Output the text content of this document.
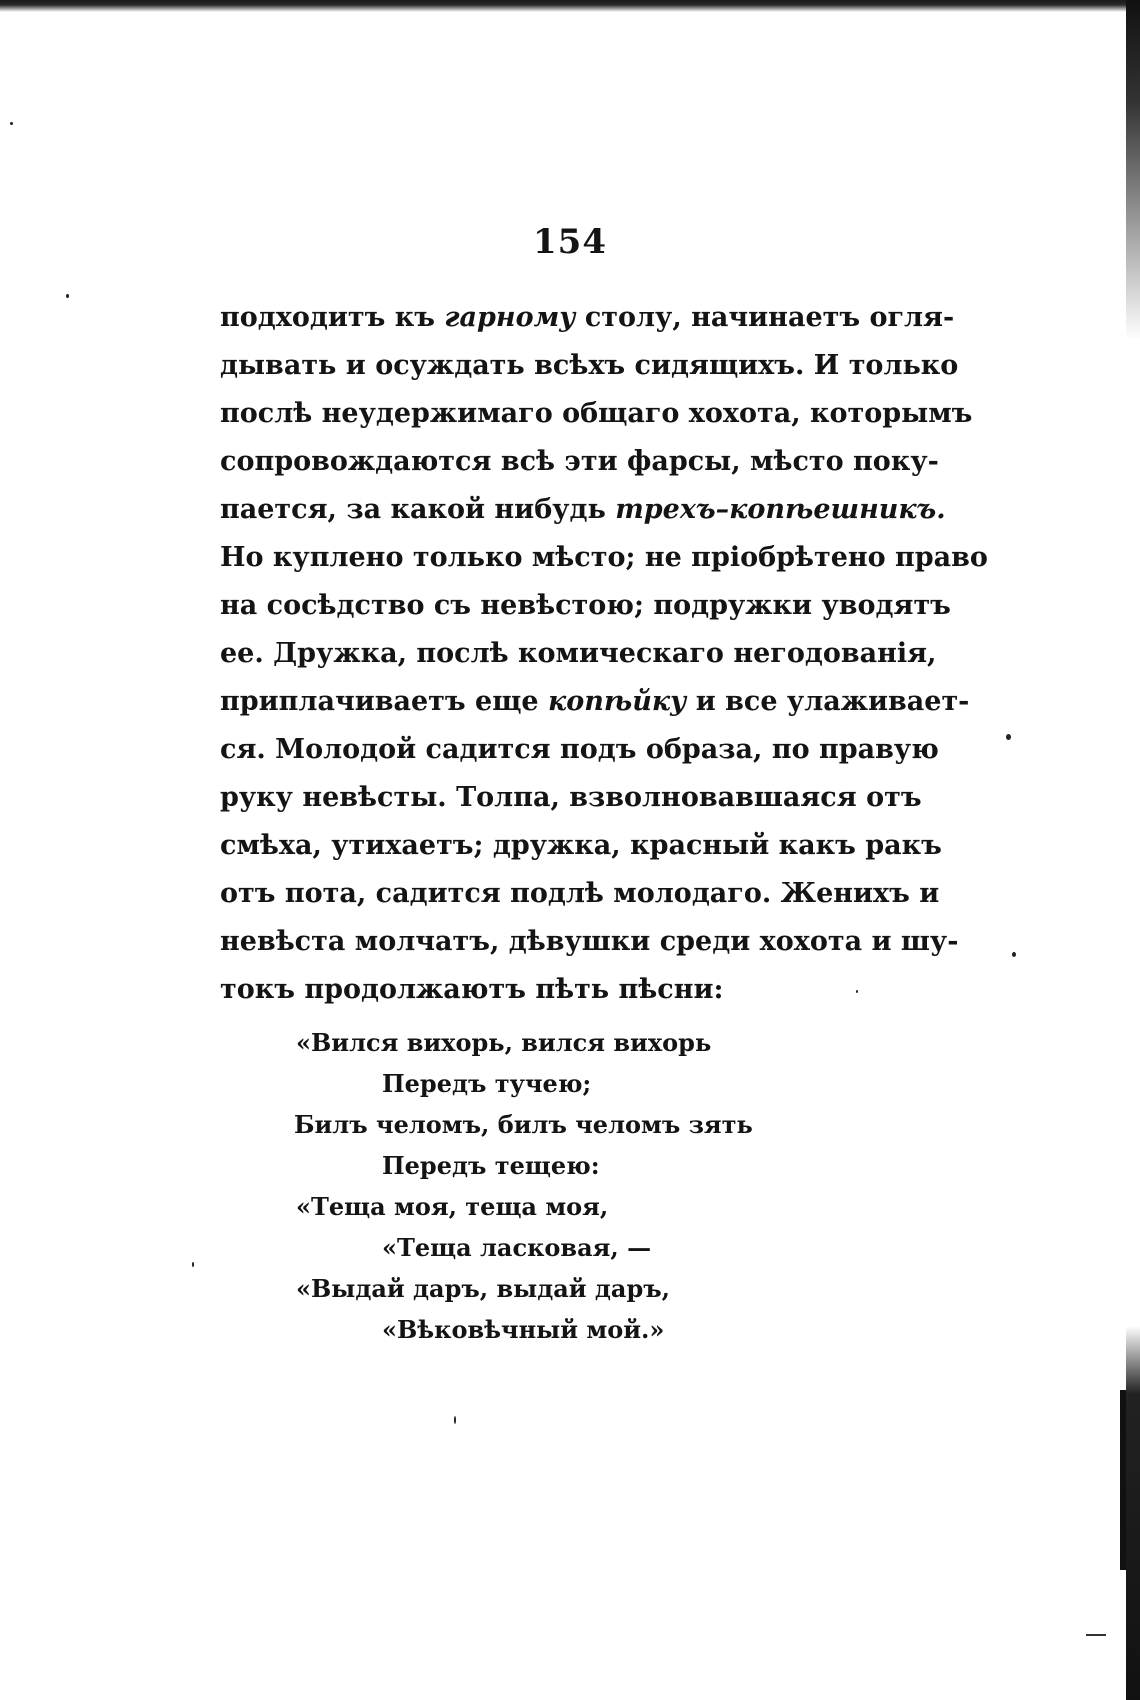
154
подходитъ къ гарному столу, начинаетъ огля-
дывать и осуждать всѣхъ сидящихъ. И только
послѣ неудержимаго общаго хохота, которымъ
сопровождаются всѣ эти фарсы, мѣсто поку-
пается, за какой нибудь трехъ–копѣешникъ.
Но куплено только мѣсто; не пріобрѣтено право
на сосѣдство съ невѣстою; подружки уводятъ
ее. Дружка, послѣ комическаго негодованія,
приплачиваетъ еще копѣйку и все улаживает-
ся. Молодой садится подъ образа, по правую
руку невѣсты. Толпа, взволновавшаяся отъ
смѣха, утихаетъ; дружка, красный какъ ракъ
отъ пота, садится подлѣ молодаго. Женихъ и
невѣста молчатъ, дѣвушки среди хохота и шу-
токъ продолжаютъ пѣть пѣсни:
«Вился вихорь, вился вихорь
Передъ тучею;
Билъ челомъ, билъ челомъ зять
Передъ тещею:
«Теща моя, теща моя,
«Теща ласковая, —
«Выдай даръ, выдай даръ,
«Вѣковѣчный мой.»
